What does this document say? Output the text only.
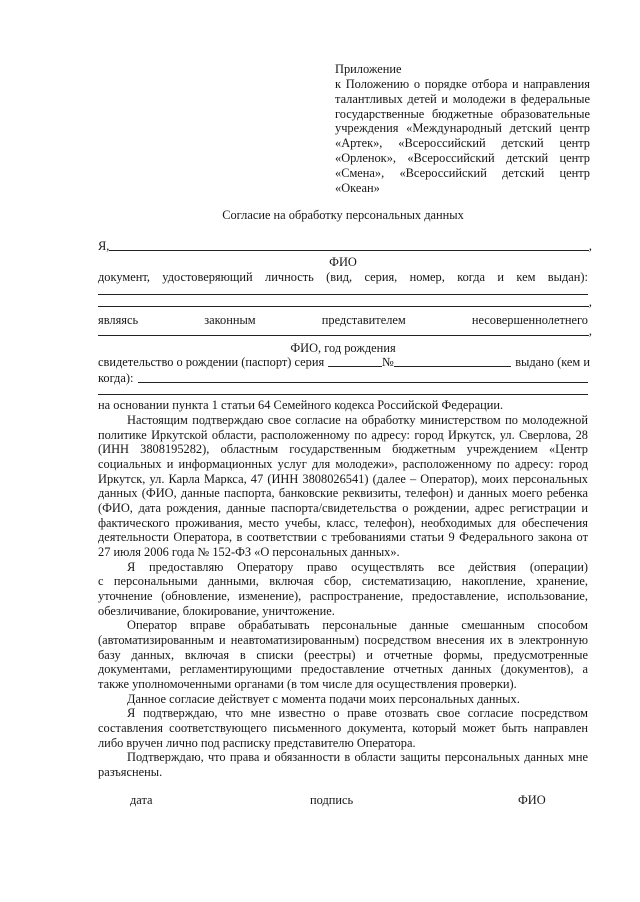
Приложение
к Положению о порядке отбора и направления
талантливых детей и молодежи в федеральные
государственные бюджетные образовательные
учреждения «Международный детский центр
«Артек», «Всероссийский детский центр
«Орленок», «Всероссийский детский центр
«Смена», «Всероссийский детский центр
«Океан»
Согласие на обработку персональных данных
Я,	,
ФИО
документ, удостоверяющий личность (вид, серия, номер, когда и кем выдан):
,
являясь законным представителем несовершеннолетнего
,
ФИО, год рождения
свидетельство о рождении (паспорт) серия	№	выдано (кем и
когда):
на основании пункта 1 статьи 64 Семейного кодекса Российской Федерации.
Настоящим подтверждаю свое согласие на обработку министерством по молодежной
политике Иркутской области, расположенному по адресу: город Иркутск, ул. Сверлова, 28
(ИНН 3808195282), областным государственным бюджетным учреждением «Центр
социальных и информационных услуг для молодежи», расположенному по адресу: город
Иркутск, ул. Карла Маркса, 47 (ИНН 3808026541) (далее – Оператор), моих персональных
данных (ФИО, данные паспорта, банковские реквизиты, телефон) и данных моего ребенка
(ФИО, дата рождения, данные паспорта/свидетельства о рождении, адрес регистрации и
фактического проживания, место учебы, класс, телефон), необходимых для обеспечения
деятельности Оператора, в соответствии с требованиями статьи 9 Федерального закона от
27 июля 2006 года № 152-ФЗ «О персональных данных».
Я предоставляю Оператору право осуществлять все действия (операции)
с персональными данными, включая сбор, систематизацию, накопление, хранение,
уточнение (обновление, изменение), распространение, предоставление, использование,
обезличивание, блокирование, уничтожение.
Оператор вправе обрабатывать персональные данные смешанным способом
(автоматизированным и неавтоматизированным) посредством внесения их в электронную
базу данных, включая в списки (реестры) и отчетные формы, предусмотренные
документами, регламентирующими предоставление отчетных данных (документов), а
также уполномоченными органами (в том числе для осуществления проверки).
Данное согласие действует с момента подачи моих персональных данных.
Я подтверждаю, что мне известно о праве отозвать свое согласие посредством
составления соответствующего письменного документа, который может быть направлен
либо вручен лично под расписку представителю Оператора.
Подтверждаю, что права и обязанности в области защиты персональных данных мне
разъяснены.
дата	подпись	ФИО
